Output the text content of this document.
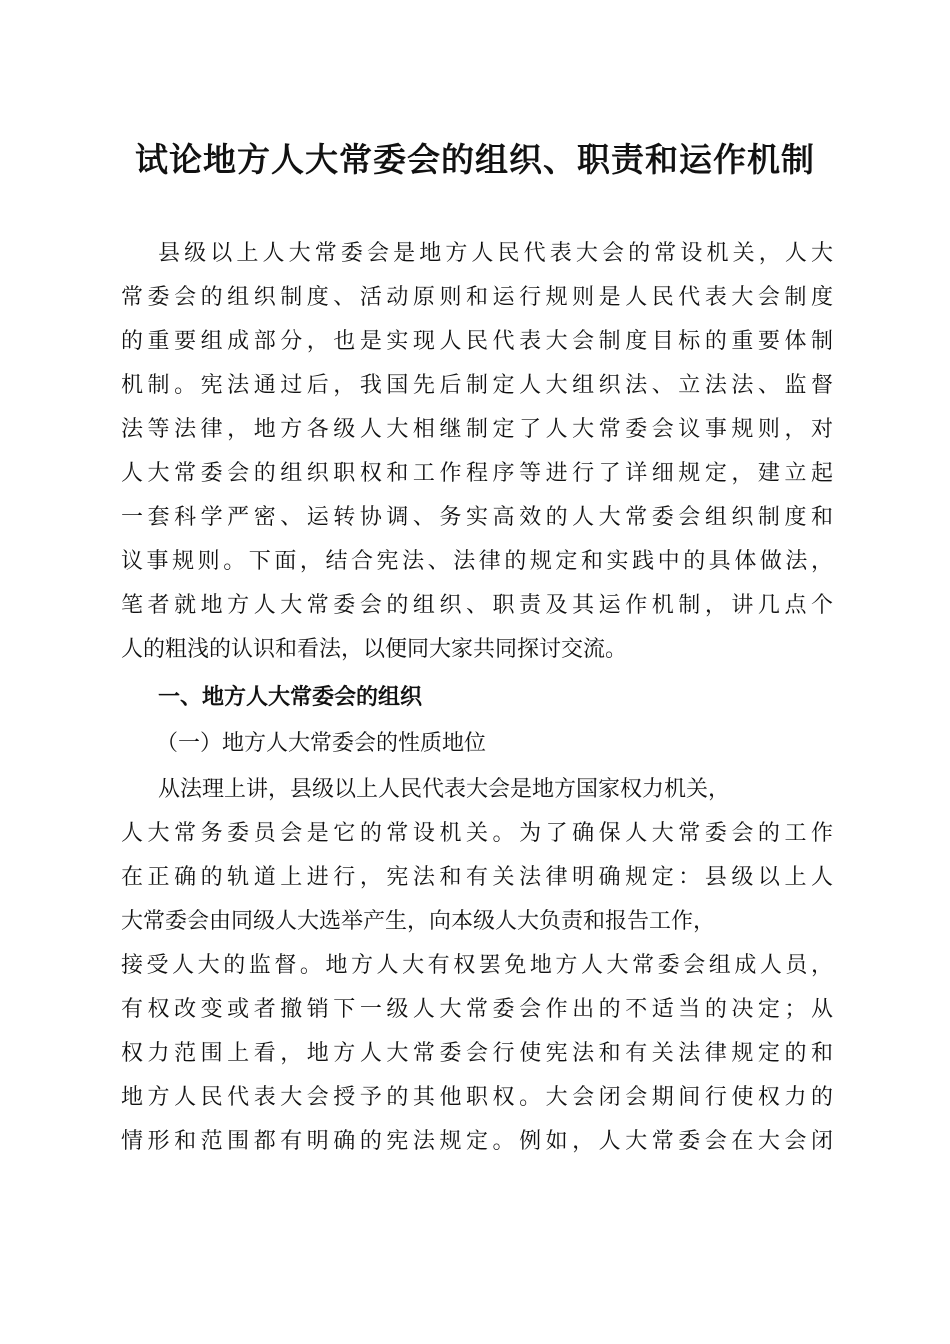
试论地方人大常委会的组织、职责和运作机制
县级以上人大常委会是地方人民代表大会的常设机关，人大
常委会的组织制度、活动原则和运行规则是人民代表大会制度
的重要组成部分，也是实现人民代表大会制度目标的重要体制
机制。宪法通过后，我国先后制定人大组织法、立法法、监督
法等法律，地方各级人大相继制定了人大常委会议事规则，对
人大常委会的组织职权和工作程序等进行了详细规定，建立起
一套科学严密、运转协调、务实高效的人大常委会组织制度和
议事规则。下面，结合宪法、法律的规定和实践中的具体做法，
笔者就地方人大常委会的组织、职责及其运作机制，讲几点个
人的粗浅的认识和看法，以便同大家共同探讨交流。
一、地方人大常委会的组织
（一）地方人大常委会的性质地位
从法理上讲，县级以上人民代表大会是地方国家权力机关，
人大常务委员会是它的常设机关。为了确保人大常委会的工作
在正确的轨道上进行，宪法和有关法律明确规定：县级以上人
大常委会由同级人大选举产生，向本级人大负责和报告工作，
接受人大的监督。地方人大有权罢免地方人大常委会组成人员，
有权改变或者撤销下一级人大常委会作出的不适当的决定；从
权力范围上看，地方人大常委会行使宪法和有关法律规定的和
地方人民代表大会授予的其他职权。大会闭会期间行使权力的
情形和范围都有明确的宪法规定。例如，人大常委会在大会闭
